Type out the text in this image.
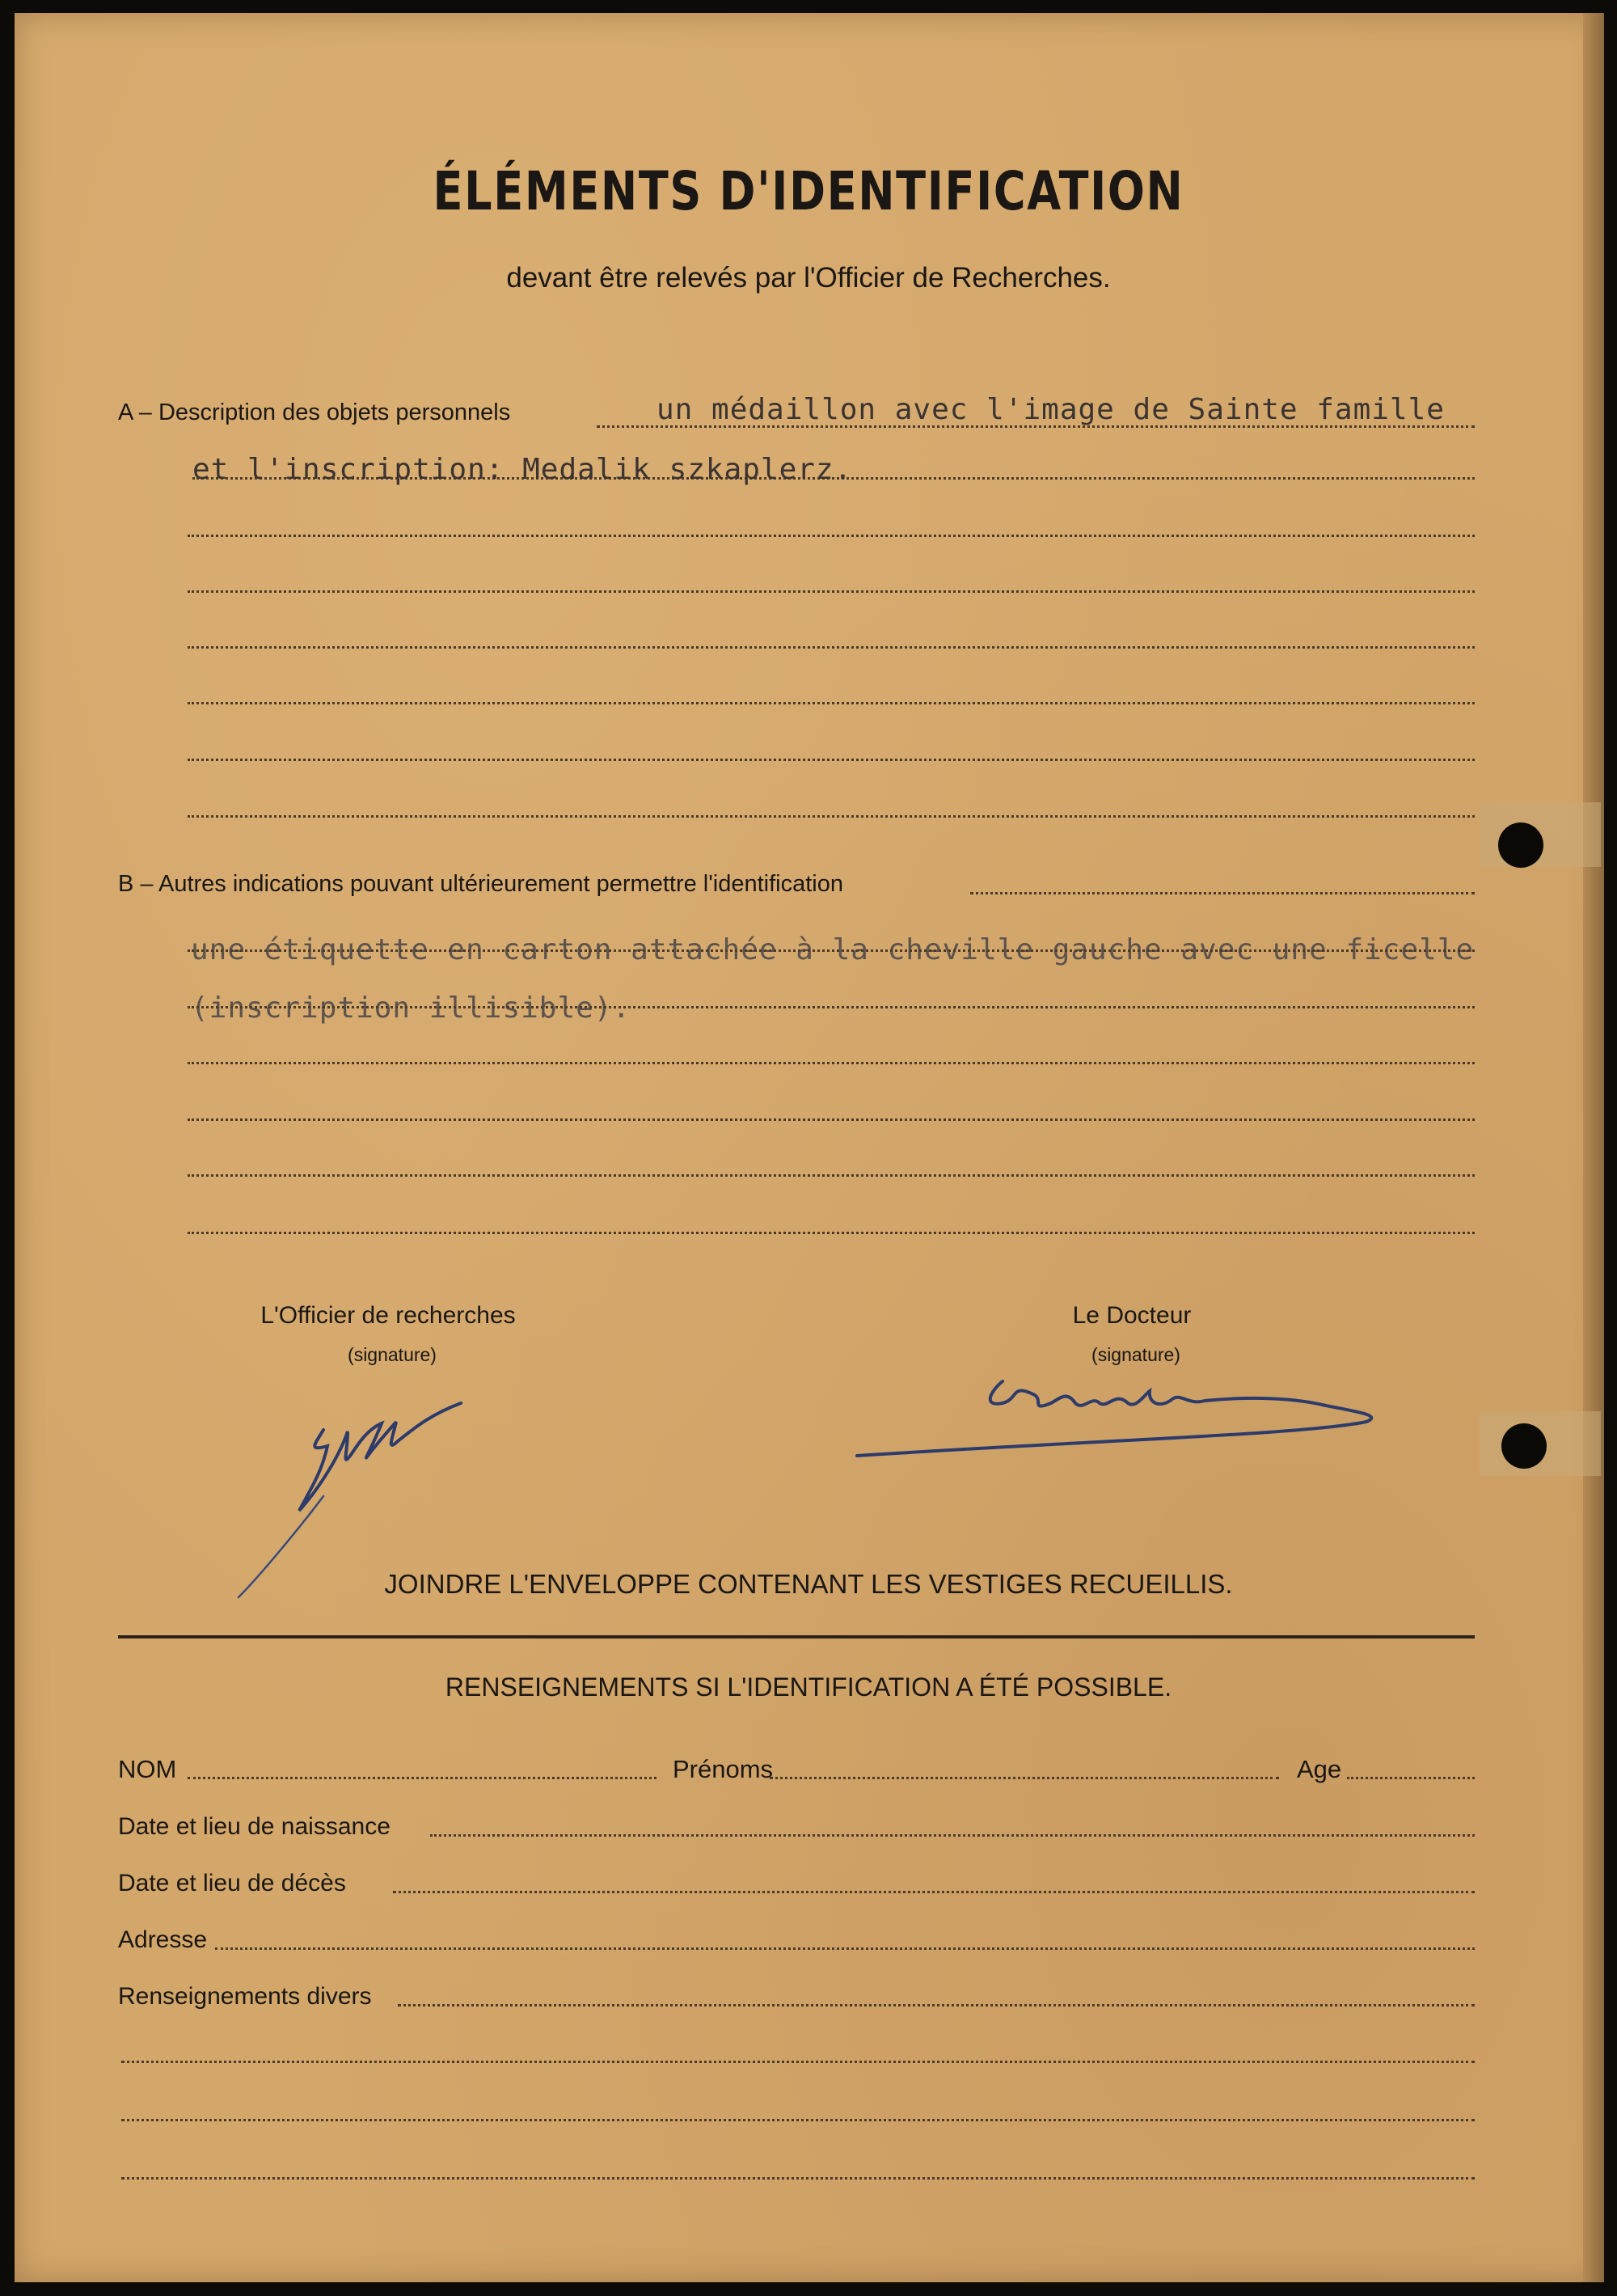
ÉLÉMENTS D'IDENTIFICATION
devant être relevés par l'Officier de Recherches.
A – Description des objets personnels	un médaillon avec l'image de Sainte famille
et l'inscription: Medalik szkaplerz.
B – Autres indications pouvant ultérieurement permettre l'identification
une étiquette en carton attachée à la cheville gauche avec une ficelle
(inscription illisible).
L'Officier de recherches
(signature)
Le Docteur
(signature)
JOINDRE L'ENVELOPPE CONTENANT LES VESTIGES RECUEILLIS.
RENSEIGNEMENTS SI L'IDENTIFICATION A ÉTÉ POSSIBLE.
NOM	Prénoms	Age
Date et lieu de naissance
Date et lieu de décès
Adresse
Renseignements divers
